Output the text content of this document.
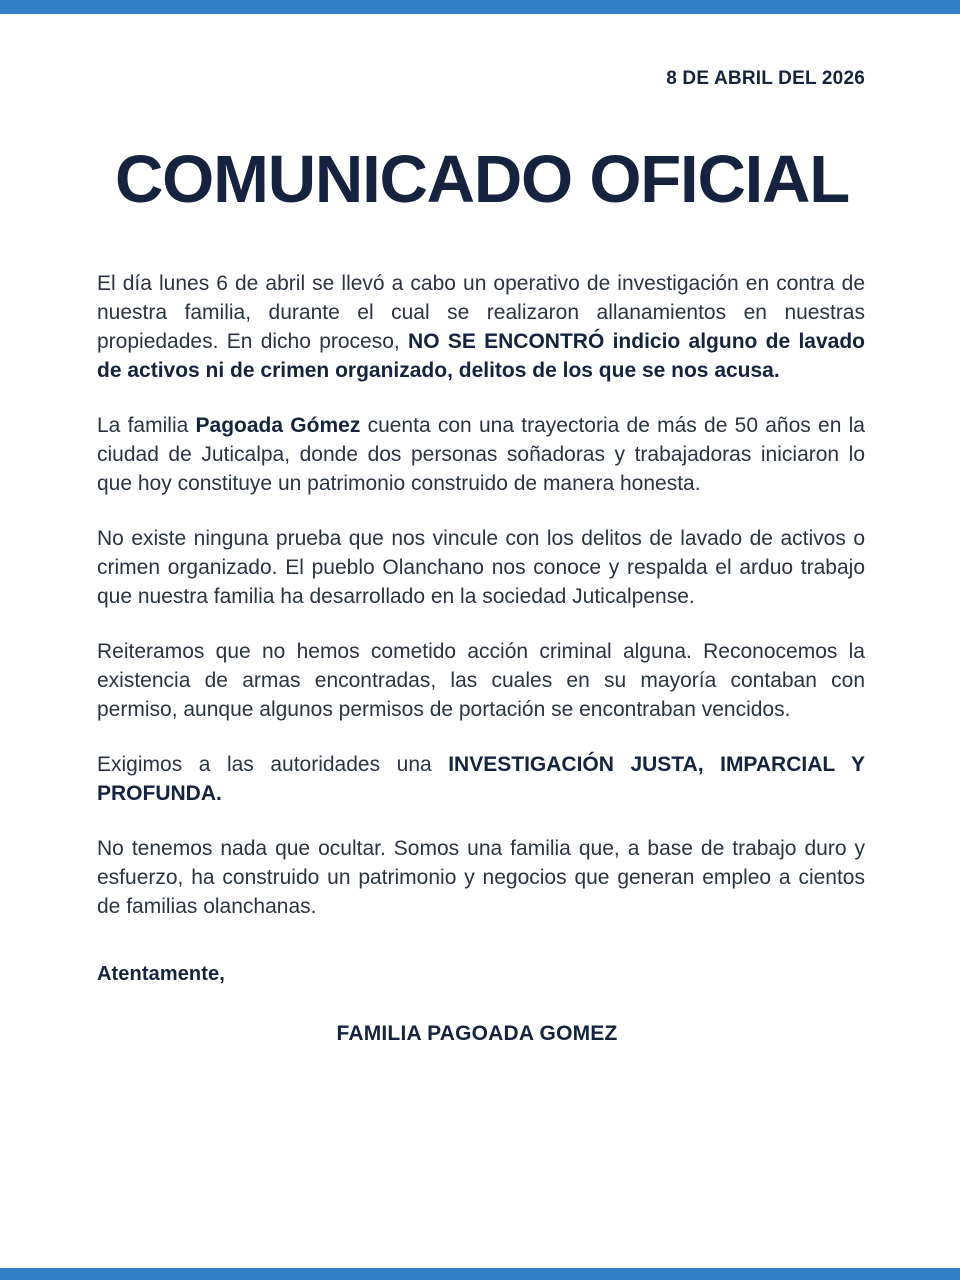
8 DE ABRIL DEL 2026
COMUNICADO OFICIAL

El día lunes 6 de abril se llevó a cabo un operativo de investigación en contra de nuestra familia, durante el cual se realizaron allanamientos en nuestras propiedades. En dicho proceso, NO SE ENCONTRÓ indicio alguno de lavado de activos ni de crimen organizado, delitos de los que se nos acusa.

La familia Pagoada Gómez cuenta con una trayectoria de más de 50 años en la ciudad de Juticalpa, donde dos personas soñadoras y trabajadoras iniciaron lo que hoy constituye un patrimonio construido de manera honesta.

No existe ninguna prueba que nos vincule con los delitos de lavado de activos o crimen organizado. El pueblo Olanchano nos conoce y respalda el arduo trabajo que nuestra familia ha desarrollado en la sociedad Juticalpense.

Reiteramos que no hemos cometido acción criminal alguna. Reconocemos la existencia de armas encontradas, las cuales en su mayoría contaban con permiso, aunque algunos permisos de portación se encontraban vencidos.

Exigimos a las autoridades una INVESTIGACIÓN JUSTA, IMPARCIAL Y PROFUNDA.

No tenemos nada que ocultar. Somos una familia que, a base de trabajo duro y esfuerzo, ha construido un patrimonio y negocios que generan empleo a cientos de familias olanchanas.

Atentamente,
FAMILIA PAGOADA GOMEZ
